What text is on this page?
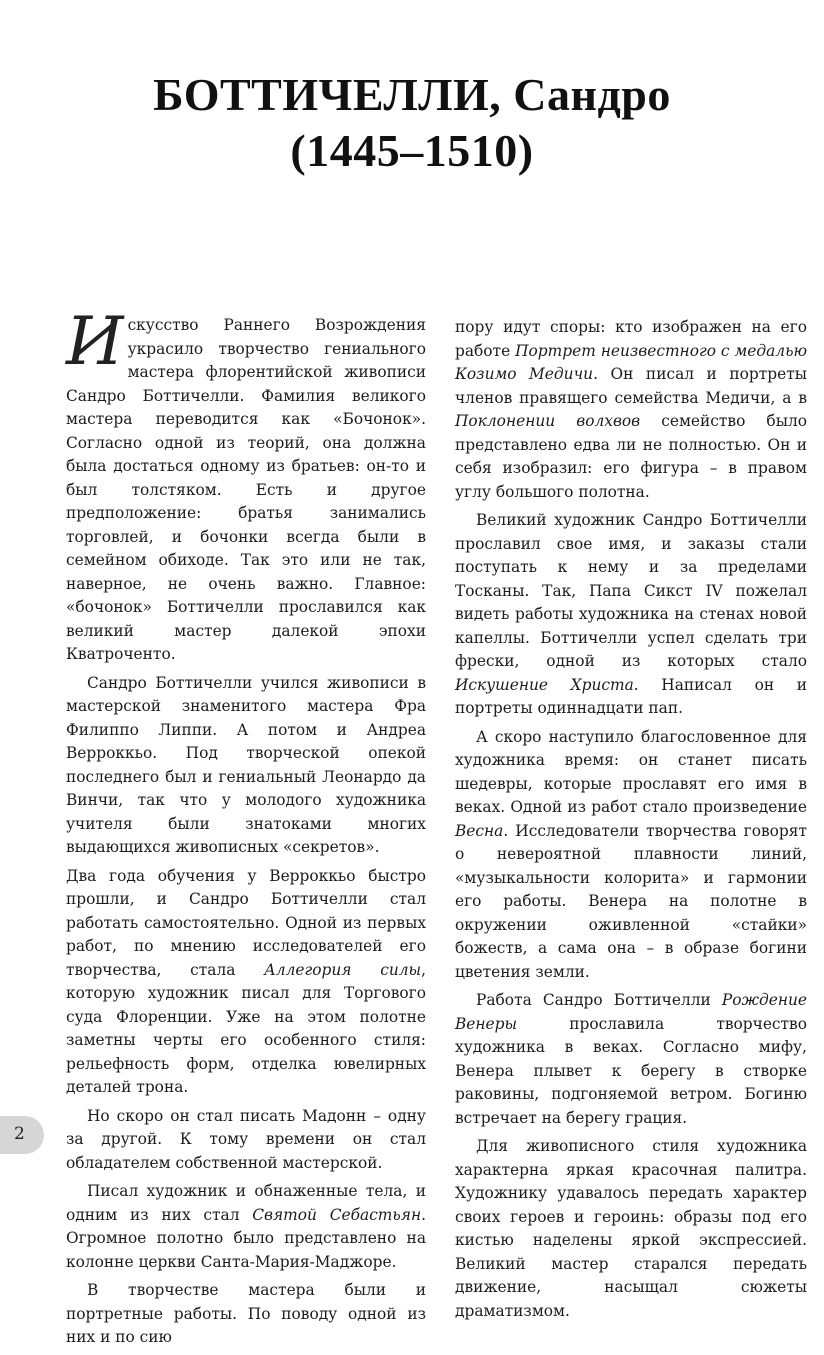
БОТТИЧЕЛЛИ, Сандро
(1445–1510)

Искусство Раннего Возрождения украсило творчество гениального мастера флорентийской живописи Сандро Боттичелли. Фамилия великого мастера переводится как «Бочонок». Согласно одной из теорий, она должна была достаться одному из братьев: он-то и был толстяком. Есть и другое предположение: братья занимались торговлей, и бочонки всегда были в семейном обиходе. Так это или не так, наверное, не очень важно. Главное: «бочонок» Боттичелли прославился как великий мастер далекой эпохи Кватроченто.

Сандро Боттичелли учился живописи в мастерской знаменитого мастера Фра Филиппо Липпи. А потом и Андреа Верроккьо. Под творческой опекой последнего был и гениальный Леонардо да Винчи, так что у молодого художника учителя были знатоками многих выдающихся живописных «секретов».

Два года обучения у Верроккьо быстро прошли, и Сандро Боттичелли стал работать самостоятельно. Одной из первых работ, по мнению исследователей его творчества, стала Аллегория силы, которую художник писал для Торгового суда Флоренции. Уже на этом полотне заметны черты его особенного стиля: рельефность форм, отделка ювелирных деталей трона.

Но скоро он стал писать Мадонн – одну за другой. К тому времени он стал обладателем собственной мастерской.

Писал художник и обнаженные тела, и одним из них стал Святой Себастьян. Огромное полотно было представлено на колонне церкви Санта-Мария-Маджоре.

В творчестве мастера были и портретные работы. По поводу одной из них и по сию

пору идут споры: кто изображен на его работе Портрет неизвестного с медалью Козимо Медичи. Он писал и портреты членов правящего семейства Медичи, а в Поклонении волхвов семейство было представлено едва ли не полностью. Он и себя изобразил: его фигура – в правом углу большого полотна.

Великий художник Сандро Боттичелли прославил свое имя, и заказы стали поступать к нему и за пределами Тосканы. Так, Папа Сикст IV пожелал видеть работы художника на стенах новой капеллы. Боттичелли успел сделать три фрески, одной из которых стало Искушение Христа. Написал он и портреты одиннадцати пап.

А скоро наступило благословенное для художника время: он станет писать шедевры, которые прославят его имя в веках. Одной из работ стало произведение Весна. Исследователи творчества говорят о невероятной плавности линий, «музыкальности колорита» и гармонии его работы. Венера на полотне в окружении оживленной «стайки» божеств, а сама она – в образе богини цветения земли.

Работа Сандро Боттичелли Рождение Венеры прославила творчество художника в веках. Согласно мифу, Венера плывет к берегу в створке раковины, подгоняемой ветром. Богиню встречает на берегу грация.

Для живописного стиля художника характерна яркая красочная палитра. Художнику удавалось передать характер своих героев и героинь: образы под его кистью наделены яркой экспрессией. Великий мастер старался передать движение, насыщал сюжеты драматизмом.

2
